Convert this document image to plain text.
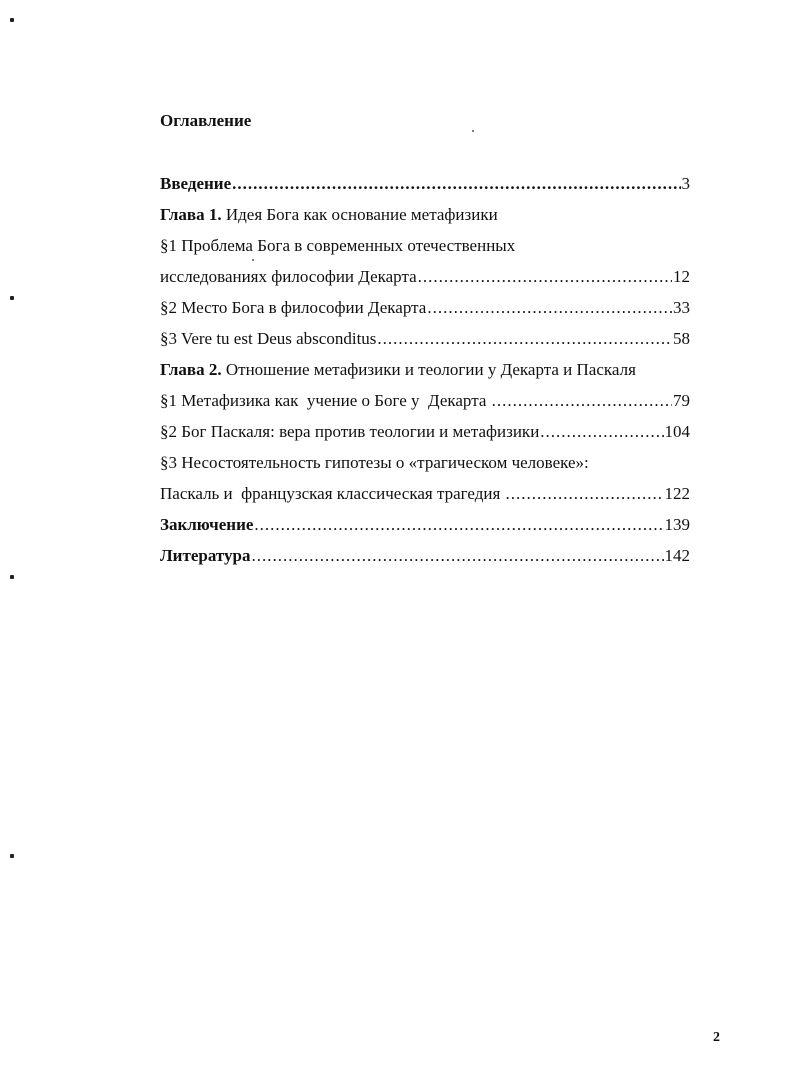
Оглавление
Введение .....	3
Глава 1. Идея Бога как основание метафизики
§1 Проблема Бога в современных отечественных
исследованиях философии Декарта .....	12
§2 Место Бога в философии Декарта .....	33
§3 Vere tu est Deus absconditus .....	58
Глава 2. Отношение метафизики и теологии у Декарта и Паскаля
§1 Метафизика как  учение о Боге у  Декарта .....	79
§2 Бог Паскаля: вера против теологии и метафизики .....	104
§3 Несостоятельность гипотезы о «трагическом человеке»:
Паскаль и  французская классическая трагедия .....	122
Заключение .....	139
Литература .....	142
2
